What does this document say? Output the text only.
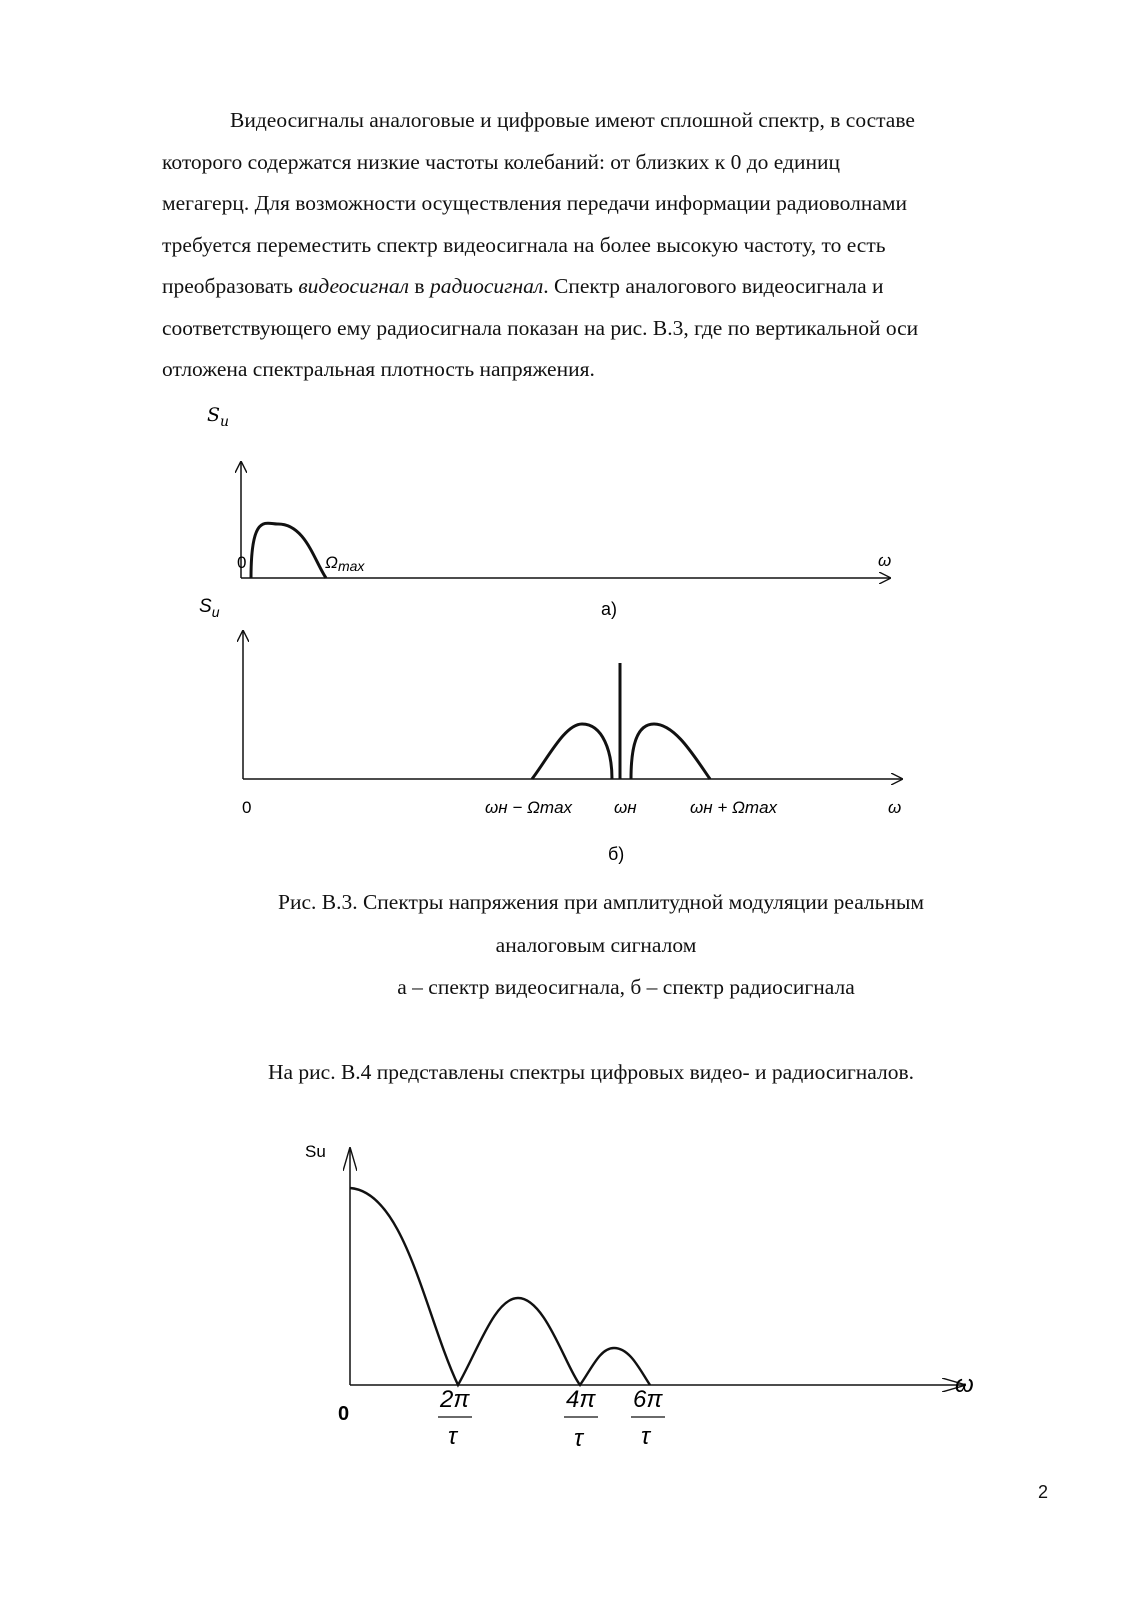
Видеосигналы аналоговые и цифровые имеют сплошной спектр, в составе
которого содержатся низкие частоты колебаний: от близких к 0 до единиц
мегагерц. Для возможности осуществления передачи информации радиоволнами
требуется переместить спектр видеосигнала на более высокую частоту, то есть
преобразовать видеосигнал в радиосигнал. Спектр аналогового видеосигнала и
соответствующего ему радиосигнала показан на рис. В.3, где по вертикальной оси
отложена спектральная плотность напряжения.
$S_u$
0	Ωmax	ω
а)
$S_u$
0	ωн − Ωmax ωн	ωн + Ωmax	ω
б)
Рис. В.3. Спектры напряжения при амплитудной модуляции реальным
аналоговым сигналом
а – спектр видеосигнала, б – спектр радиосигнала
На рис. В.4 представлены спектры цифровых видео- и радиосигналов.
Su
0
ω
2π
τ
4π
τ
6π
τ
2
